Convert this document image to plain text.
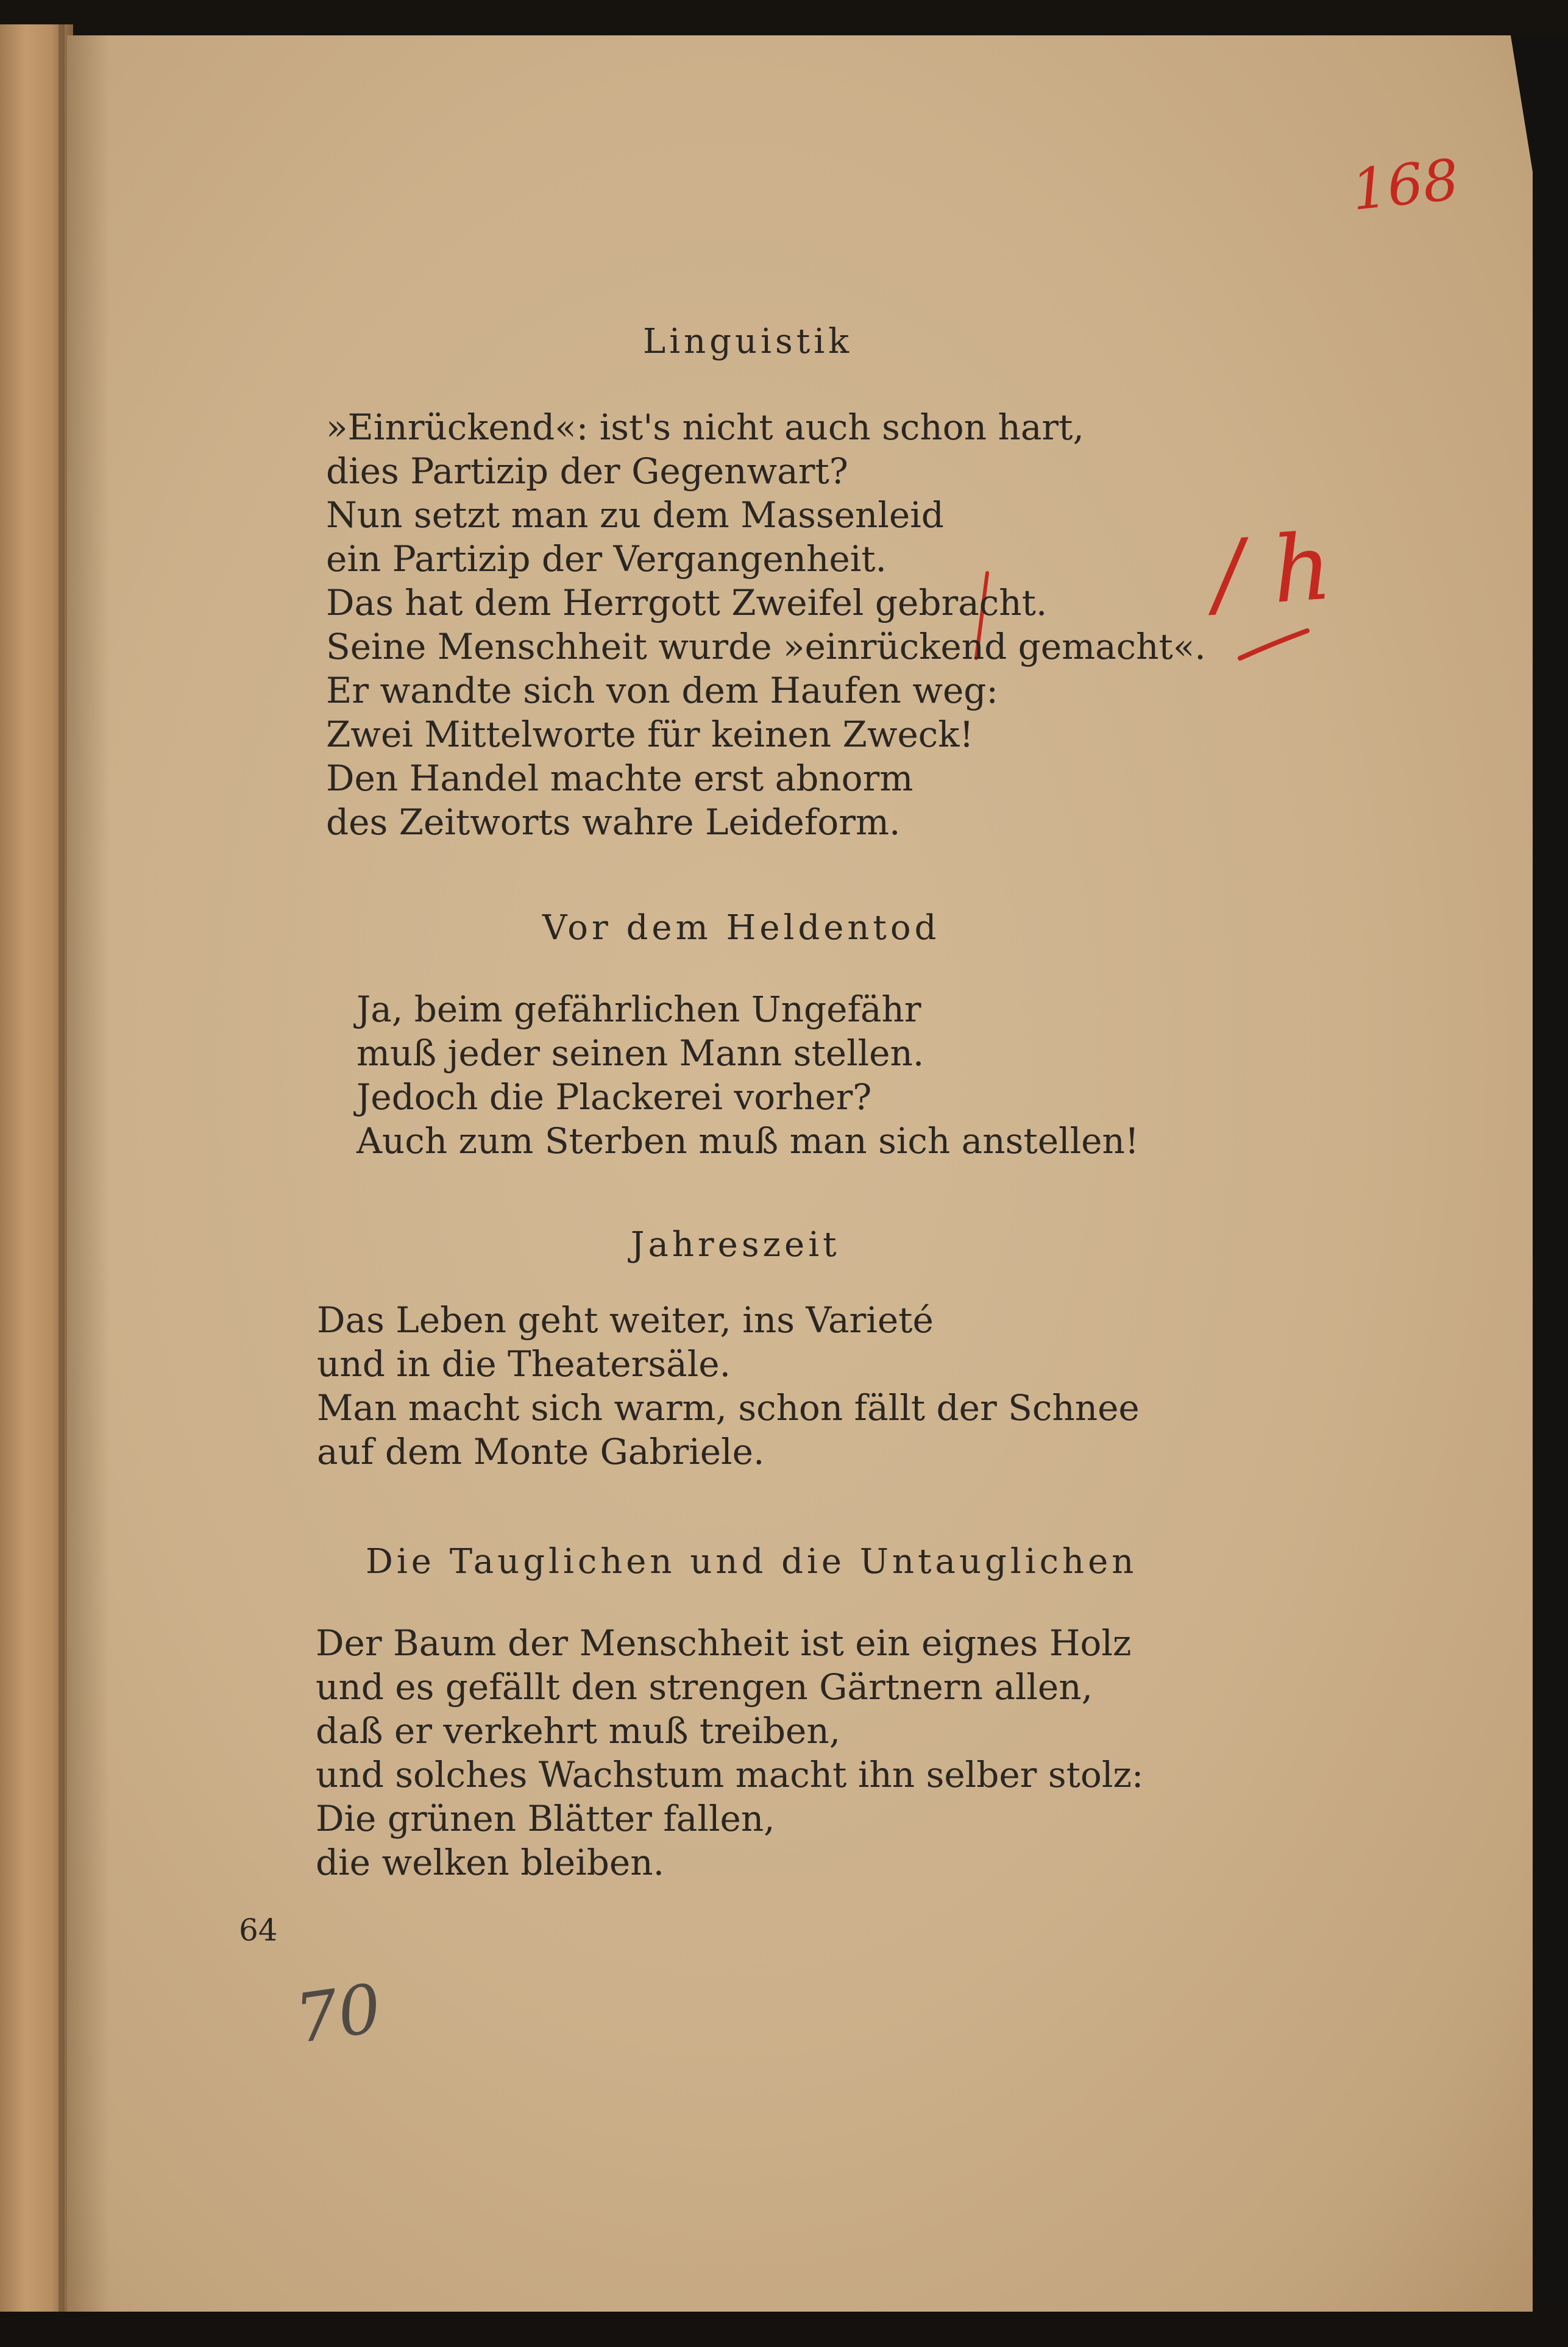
168
/ h
Linguistik
»Einrückend«: ist's nicht auch schon hart,
dies Partizip der Gegenwart?
Nun setzt man zu dem Massenleid
ein Partizip der Vergangenheit.
Das hat dem Herrgott Zweifel gebracht.
Seine Menschheit wurde »einrückend gemacht«.
Er wandte sich von dem Haufen weg:
Zwei Mittelworte für keinen Zweck!
Den Handel machte erst abnorm
des Zeitworts wahre Leideform.
Vor dem Heldentod
Ja, beim gefährlichen Ungefähr
muß jeder seinen Mann stellen.
Jedoch die Plackerei vorher?
Auch zum Sterben muß man sich anstellen!
Jahreszeit
Das Leben geht weiter, ins Varieté
und in die Theatersäle.
Man macht sich warm, schon fällt der Schnee
auf dem Monte Gabriele.
Die Tauglichen und die Untauglichen
Der Baum der Menschheit ist ein eignes Holz
und es gefällt den strengen Gärtnern allen,
daß er verkehrt muß treiben,
und solches Wachstum macht ihn selber stolz:
Die grünen Blätter fallen,
die welken bleiben.

64

70
